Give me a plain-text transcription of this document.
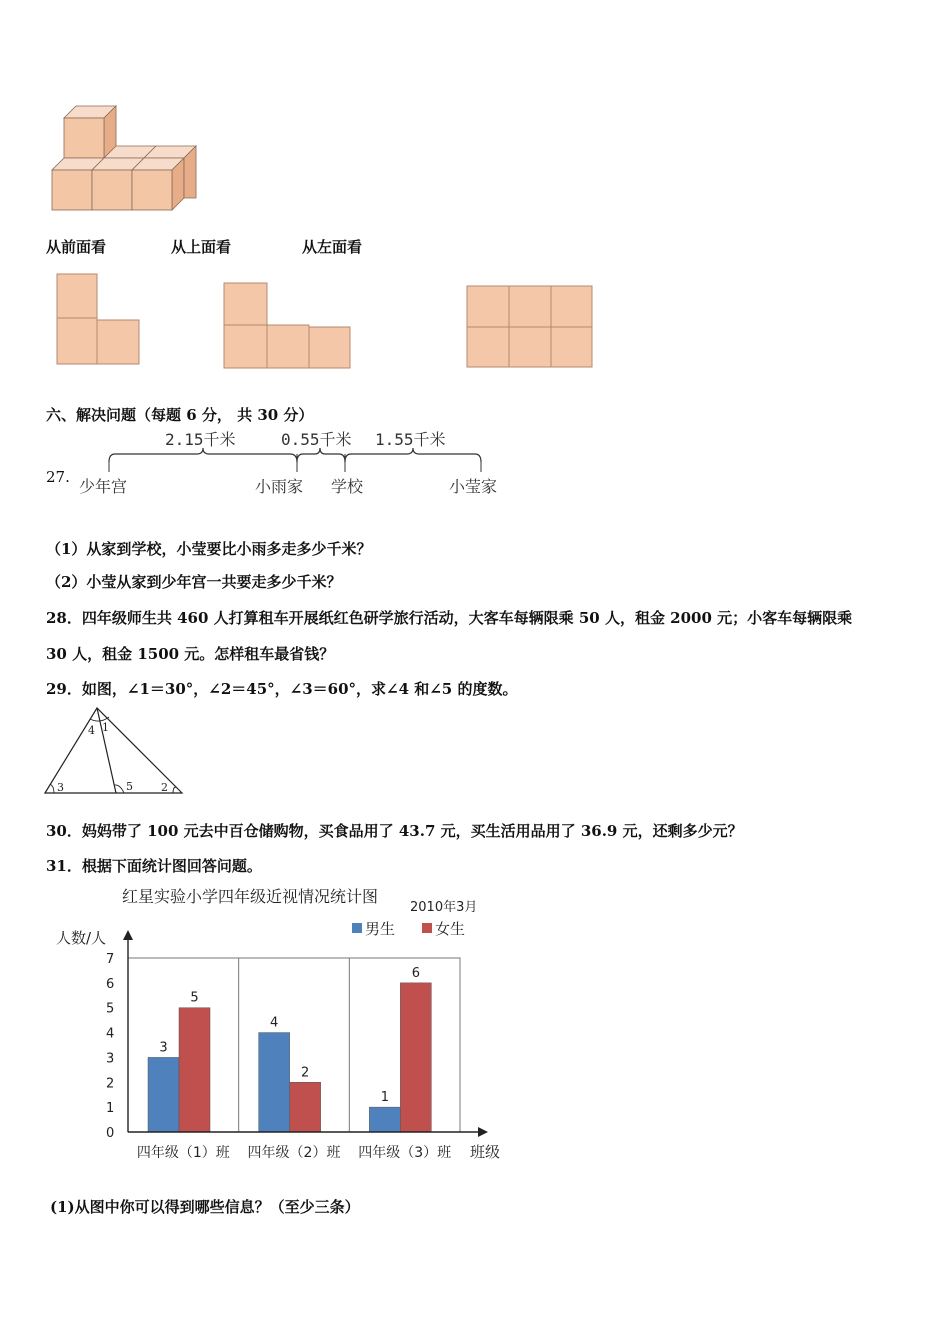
从前面看	从上面看	从左面看
六、解决问题（每题 6 分， 共 30 分）
27.
2.15千米	0.55千米 1.55千米
少年宫	小雨家 学校	小莹家
（1）从家到学校，小莹要比小雨多走多少千米？
（2）小莹从家到少年宫一共要走多少千米？
28．四年级师生共 460 人打算租车开展纸红色研学旅行活动，大客车每辆限乘 50 人，租金 2000 元；小客车每辆限乘
30 人，租金 1500 元。怎样租车最省钱？
29．如图，∠1＝30°，∠2＝45°，∠3＝60°，求∠4 和∠5 的度数。
4 1
3	5	2
30．妈妈带了 100 元去中百仓储购物，买食品用了 43.7 元，买生活用品用了 36.9 元，还剩多少元？
31．根据下面统计图回答问题。
红星实验小学四年级近视情况统计图
2010年3月
人数/人
班级
男生	女生
0
1
2
3
4
5
6
7
3
5
四年级（1）班
4
2
四年级（2）班
1
6
四年级（3）班
(1)从图中你可以得到哪些信息？（至少三条）
